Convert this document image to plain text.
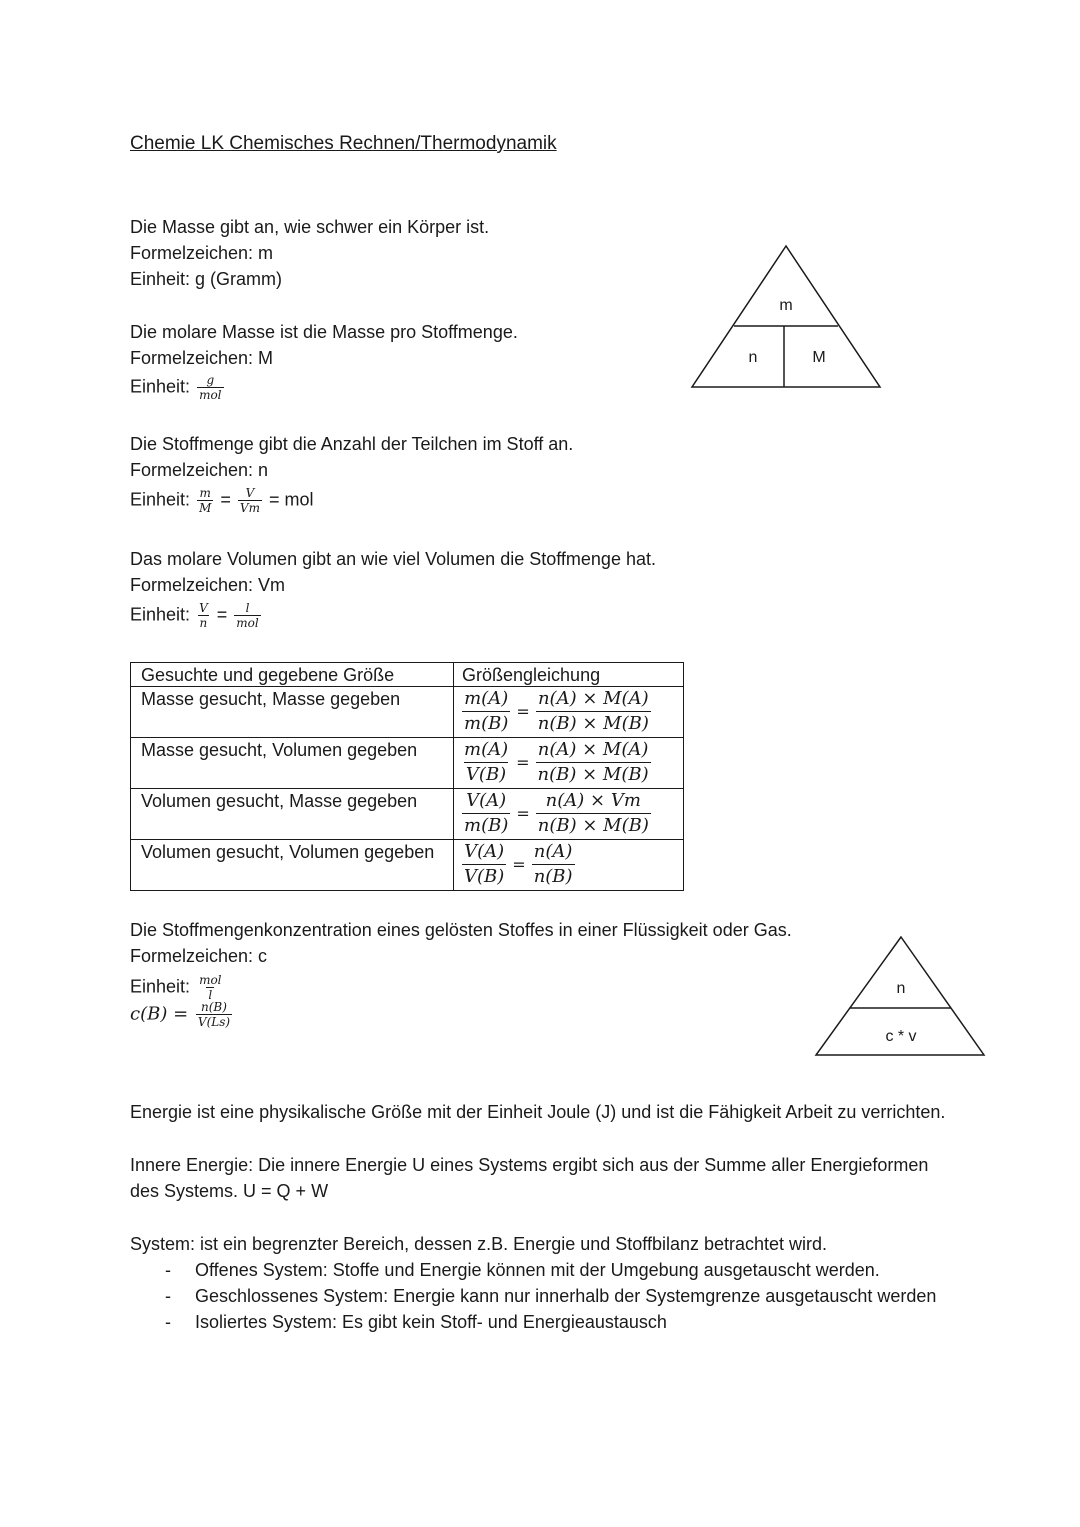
Chemie LK Chemisches Rechnen/Thermodynamik
Die Masse gibt an, wie schwer ein Körper ist.
Formelzeichen: m
Einheit: g (Gramm)
Die molare Masse ist die Masse pro Stoffmenge.
Formelzeichen: M
Einheit: $\frac{g}{\text{mol}}$
m
n	M
Die Stoffmenge gibt die Anzahl der Teilchen im Stoff an.
Formelzeichen: n
Einheit: $\frac{m}{M} = \frac{V}{Vm}$ = mol
Das molare Volumen gibt an wie viel Volumen die Stoffmenge hat.
Formelzeichen: Vm
Einheit: $\frac{V}{n} = \frac{l}{\text{mol}}$
Gesuchte und gegebene Größe	Größengleichung
Masse gesucht, Masse gegeben	$\frac{m(A)}{m(B)} = \frac{n(A) \times M(A)}{n(B) \times M(B)}$

Masse gesucht, Volumen gegeben	$\frac{m(A)}{V(B)} = \frac{n(A) \times M(A)}{n(B) \times M(B)}$

Volumen gesucht, Masse gegeben	$\frac{V(A)}{m(B)} = \frac{n(A) \times Vm}{n(B) \times M(B)}$

Volumen gesucht, Volumen gegeben	$\frac{V(A)}{V(B)} = \frac{n(A)}{n(B)}$
Die Stoffmengenkonzentration eines gelösten Stoffes in einer Flüssigkeit oder Gas.
Formelzeichen: c
Einheit: $\frac{\text{mol}}{l}$
$c(B) = \frac{n(B)}{V(Ls)}$
n
c * v
Energie ist eine physikalische Größe mit der Einheit Joule (J) und ist die Fähigkeit Arbeit zu verrichten.
Innere Energie: Die innere Energie U eines Systems ergibt sich aus der Summe aller Energieformen
des Systems. U = Q + W
System: ist ein begrenzter Bereich, dessen z.B. Energie und Stoffbilanz betrachtet wird.
- Offenes System: Stoffe und Energie können mit der Umgebung ausgetauscht werden.
- Geschlossenes System: Energie kann nur innerhalb der Systemgrenze ausgetauscht werden
- Isoliertes System: Es gibt kein Stoff- und Energieaustausch
